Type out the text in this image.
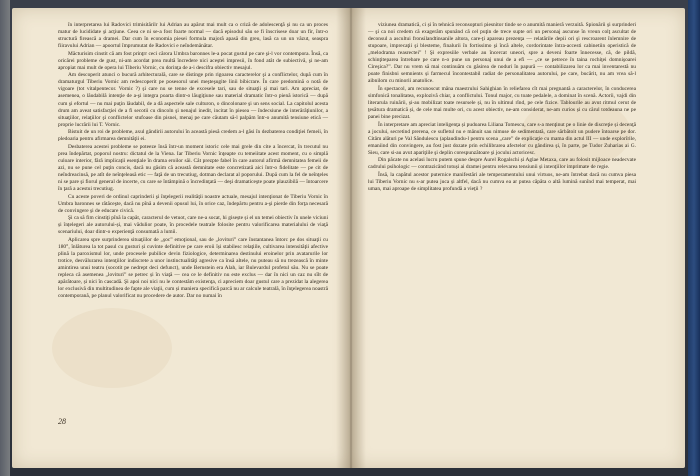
în interpretarea lui Radovici trimisitărilr lui Adrian au apărut mai mult ca o criză de adolescenţă şi nu ca un proces matur de lucididate şi acţiune. Ceea ce ni se-a fost foarte normal — dacă episodul său se fi înscrisese doar un fir, într-o structură firească a dramei. Dar cum în economia piesei formula majoră apasă din greu, lasă ca un un văzut, seaspra fiiravului Adrian — apoortul împrumutat de Radovici e neîndemânătar.

Măcturisim cinstit că am fost prinţrr ceci cărora Umbra baronnes le-a pocat gustul pe care şi-l vor contempora. Însă, ca oricărei probleme de gust, ni-am acordat prea multă încredere nici aceştei impresii, în fond atât de subiectivă, şi ne-am apropiat mai mult de opera lui Tiberiu Vornic, cu dorinţa de a-i descifra obiectiv mesajul.

Am descoperit atunci o bucură arhitecturală, care se distinge prin rigoarea caracterelor şi a conflictelor, după cum în dramaturgul Tiberiu Vornic am redescoperit pe posesorul unei meşteşugite linii bibicrare. În care predomină o notă de vigoare (tot vitalpentecor. Vornic ?) şi care nu se tenne de excesele tari, sau de situaţii şi mai tari. Am apreciat, de asemenea, o lăudabilă intenţie de a-şi integra poarta dintr-o lăugiţiune sau material dramatic într-o pienă istorică — după cum şi efortul — nu mai puţin lăudabil, de a dă aspectele sale culturon, o dincolonare şi un sens social. La capitolul acesta drum am aveat satisfacţiei de a fi secotii cu dincoln şi nenajul inedit, incitat în piesea — îndecsiune de interărăţiunilor, a situaţiilor, relaţiilor şi conflictelor stufoase din pisnei, menaj pe care căutam să-l palpăm într-o anumită tensiune etică — proprie lucrării lui T. Vornic.

Bistuit de un roi de probleme, axul gândirii autorului în această piesă credem a-l găsi în dezbaterea condiţiei femeii, în pledoaria pentru afirmarea demnităţii ei.

Desbaterea acestei probleme se poteeze însă într-un moment istoric cele mai grele din cite a încercat, în trecutul nu prea îndepărtat, poporul nostru: dictatul de la Viena. Iar Tiberiu Vornic înţeapte cu temeiitate acest moment, cu o simplă culoare interior, fără implicaţii esenţiale în drama eroilor săi. Cât prezpte fabel în care autorul afirmă demnitatea femeii de azi, nu se pune cel puţin concis, dacă nu găsim că această demnitate este concretizată aici într-o fidelitate — pe cit de neîndreacinsă, pe atît de neînţeleasă etic — faţă de un trecutiug, dotman declarat al poporului. După cum la fel de neînţeles ni se pare şi fiorul general de incerte, cu care se întâmpină o încredinţată — deşi dramaticeşte poate plauzibilă — întoarcere în ţară a acestui trecutiug.

Cu aceste poveri de ordinul caprinderii şi înţelegerii realităţii noastre actuale, mesajul intenţionat de Tiberiu Vornic în Umbra baronnes se rătăceşte, dacă nu pînă a devenii opusul lui, în orice caz, îndepărtu pentru a-şi pierde din forţa necesară de convingere şi de educare civică.

Şi ca să fim cinstiţi pînă la capăt, caracterul de vetuot, care ne-a socat, hi gisește și el un temei obiectiv în unele viciuni și înțelegeri ale autorului-și, mai vădulior poate, în procedele teatrale folosite pentru valorificarea materialului de viaţă scenariului, doar dintr-o experienţă consumată a lumii.

Aplicarea spre surprinderea situaţiilor de „şoc” emoţional, sau de „lovituri” care înstantanea întorc pe dos situaţii cu 180°, înlăturea la tot pasul cu gusturi și cuvinte definitive pe care eroii își stabilesc relaţiile, cultivarea intensităţii afective plină la paroxismul lor, unde procesele pubilice devin fiziologice, determinarea destinului eroinelor prin avatarurile lor trotice, desvălurarea intenţiilor indiscrete a unor instinctualităţi agresive ca însă altele, nu puteau să nu trezească în minte amintirea unui teatru (socotit pe nedrept deci defunct), unde Bernstein era Alah, iar Bulevardul profetul său. Nu se poate repleca că asemenea „lovituri” se petrec și în viaţă — cea ce le definitiv nu este exclus — dar în nici un caz nu sîlt de apărătoare, și nici în cascadă. Şi apoi noi nici nu le contestăm existenţa, ci apreciem doar gustul care a prezidat la alegerea lor exclusivă din multitudinea de fapte ale viaţii, cum și maniera specifică parcă nu ar calcule teatrală, în înţelegerea noastră contemporană, pe planul valorificat nu procedere de autor. Dar no numai în

28

viziunea dramatică, ci și în tehnică reconsopturi piesnitor tinde se o anumită manieră verzuită. Spionării şi surprinderi — şi ca noi credem că exagerăm spunând că cel puţin de trece supte ori un personaj ascunse în vreun colţ ascultat de deconsul a ascultui fronsilandtinsanile altora, care-ţi apareau prezenţa — relatările depii ori şi rescroarent înlemnire de stupoare, imprecaţii şi blesteme, finalurii în fortissimo şi încă altele, cordorintate întra-accesti cabinetiin operistică de „melodrama reasrectei” ! Şi expresiile verbale au încercat uneori, spre a deveni foarte înnecesse, că, de pildă, schinţiteparea întrebare pe care n-o pune un personaj unui de a efi — „ce se petrece în taina rochiţei domnişoarei Cireşica?”. Dar nu vrem să mai continuăm cu gâsirea de noduri în papură — contabilizarea lor ca mai inventarestă nu poate finisbni semnients și farmecul încontestabil radiat de personalitatea autorului, pe care, bucărit, nu am vrea să-l aibnilom cu minorii anatolice.

În spectacol, am recunoscut mâna maestrului Sahighian în reliefarea cît mai pregnantă a caracterelor, în conducerea simfonică tonalitatea, explozivă chiar, a conflictului. Tonul major, cu toate pedalele, a dominat în scenă. Actorii, vajdi din literarula ruinării, și-au mobilizat toate resursele și, nu în ultimul rînd, pe cele fizice. Tablourile au avut ritmul cerut de ţesătura dramatică și, de cele mai multe ori, cu acest obiectiv, ne-am considerat, ne-am curios și cu cărul totdeauna ne pe panei bine precizat.

În interpretare am apreciat inteligenţa și pudoarea Liliana Tomescu, care s-a menţinut pe o linie de discreţie și decenţă a jocului, secretind prerena, ce sufletul nu e mânuit sau nimuse de sedimentată, care sărbătoit un pudere întoarse pe dor. Citâm alături pe Val Săndulescu (aplaudindu-l pentru scena „care” de explicaţie cu mama din actul III — unde explorîrile, emaniind din convingere, au fost just dozate prin echilibrarea afectelor cu gândirea şi, în parte, pe Tudor Zuharias ai G. Sieu, care si-au avut apariţiile şi deplin corespunzătoare şi jocului actoricesc.

Din păcate nu acelasi lucru putem spune despre Aurel Rogalschi și Aglae Metaxa, care au folosit mijloace neadecvate cadrului psihologic — contrazicând totuși ai dramei pentru relevarea tensiunii și intenţiilor imprimate de regie.

Însă, la capătul acestor puternice manifestări ale temperamentului unui virtuos, ne-am întrebat dacă nu cumva piesa lui Tiberiu Vornic nu s-ar putea juca și altfel, dacă nu cumva ea ar putea căpăta o altă lumină sunînd mai temperat, mai uman, mai aproape de simplitatea profundă a vieţii ?
